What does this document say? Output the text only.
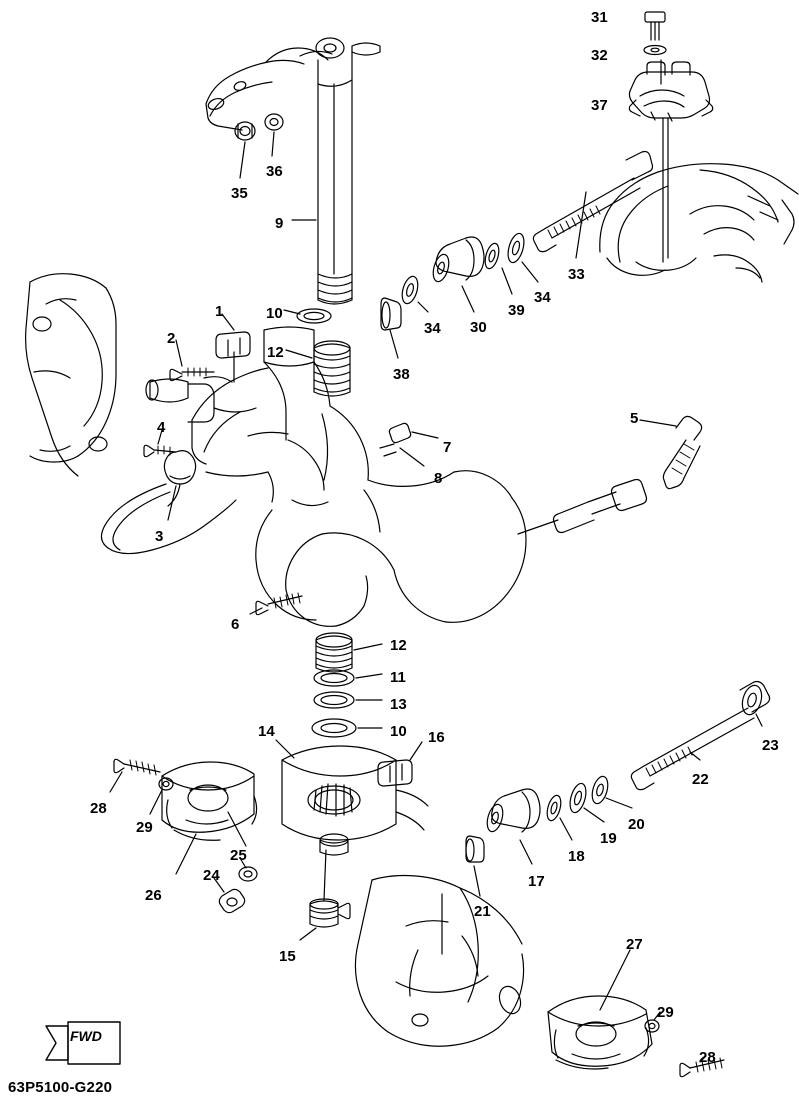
FWD
63P5100-G220
31
32
37
35
36
9
33
34
39
30
34
38
10
12
1
2
4
3
7
8
5
6
12
11
13
10
14	16	23
22
28
29
26
25
24
15
20
19
18
17
21
27
29
28
